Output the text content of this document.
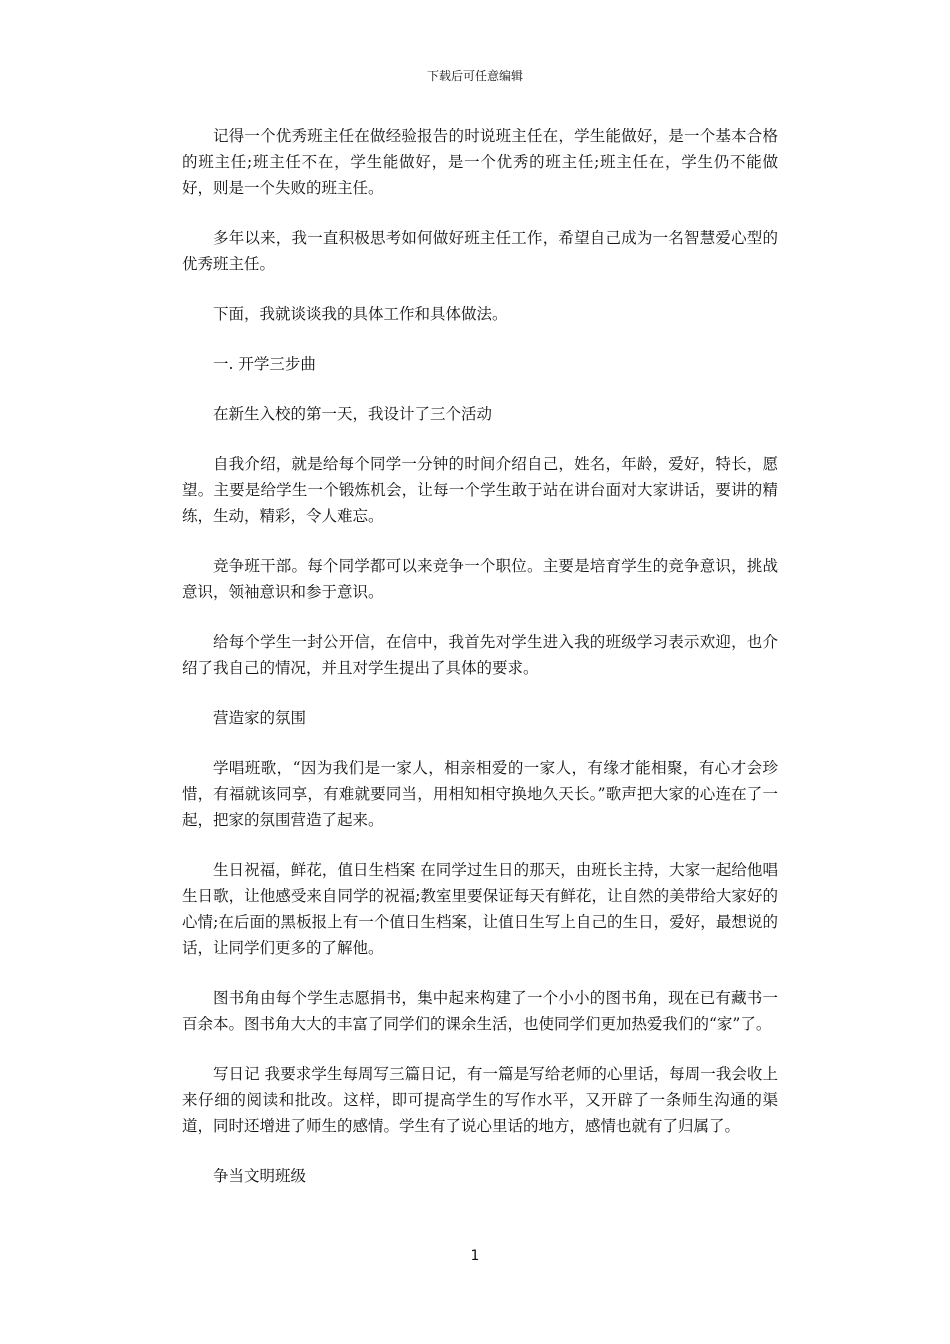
下载后可任意编辑

记得一个优秀班主任在做经验报告的时说班主任在，学生能做好，是一个基本合格的班主任;班主任不在，学生能做好，是一个优秀的班主任;班主任在，学生仍不能做好，则是一个失败的班主任。

多年以来，我一直积极思考如何做好班主任工作，希望自己成为一名智慧爱心型的优秀班主任。

下面，我就谈谈我的具体工作和具体做法。

一. 开学三步曲

在新生入校的第一天，我设计了三个活动

自我介绍，就是给每个同学一分钟的时间介绍自己，姓名，年龄，爱好，特长，愿望。主要是给学生一个锻炼机会，让每一个学生敢于站在讲台面对大家讲话，要讲的精练，生动，精彩，令人难忘。

竞争班干部。每个同学都可以来竞争一个职位。主要是培育学生的竞争意识，挑战意识，领袖意识和参于意识。

给每个学生一封公开信，在信中，我首先对学生进入我的班级学习表示欢迎，也介绍了我自己的情况，并且对学生提出了具体的要求。

营造家的氛围

学唱班歌，“因为我们是一家人，相亲相爱的一家人，有缘才能相聚，有心才会珍惜，有福就该同享，有难就要同当，用相知相守换地久天长。”歌声把大家的心连在了一起，把家的氛围营造了起来。

生日祝福，鲜花，值日生档案 在同学过生日的那天，由班长主持，大家一起给他唱生日歌，让他感受来自同学的祝福;教室里要保证每天有鲜花，让自然的美带给大家好的心情;在后面的黑板报上有一个值日生档案，让值日生写上自己的生日，爱好，最想说的话，让同学们更多的了解他。

图书角由每个学生志愿捐书，集中起来构建了一个小小的图书角，现在已有藏书一百余本。图书角大大的丰富了同学们的课余生活，也使同学们更加热爱我们的“家”了。

写日记 我要求学生每周写三篇日记，有一篇是写给老师的心里话，每周一我会收上来仔细的阅读和批改。这样，即可提高学生的写作水平，又开辟了一条师生沟通的渠道，同时还增进了师生的感情。学生有了说心里话的地方，感情也就有了归属了。

争当文明班级

1
